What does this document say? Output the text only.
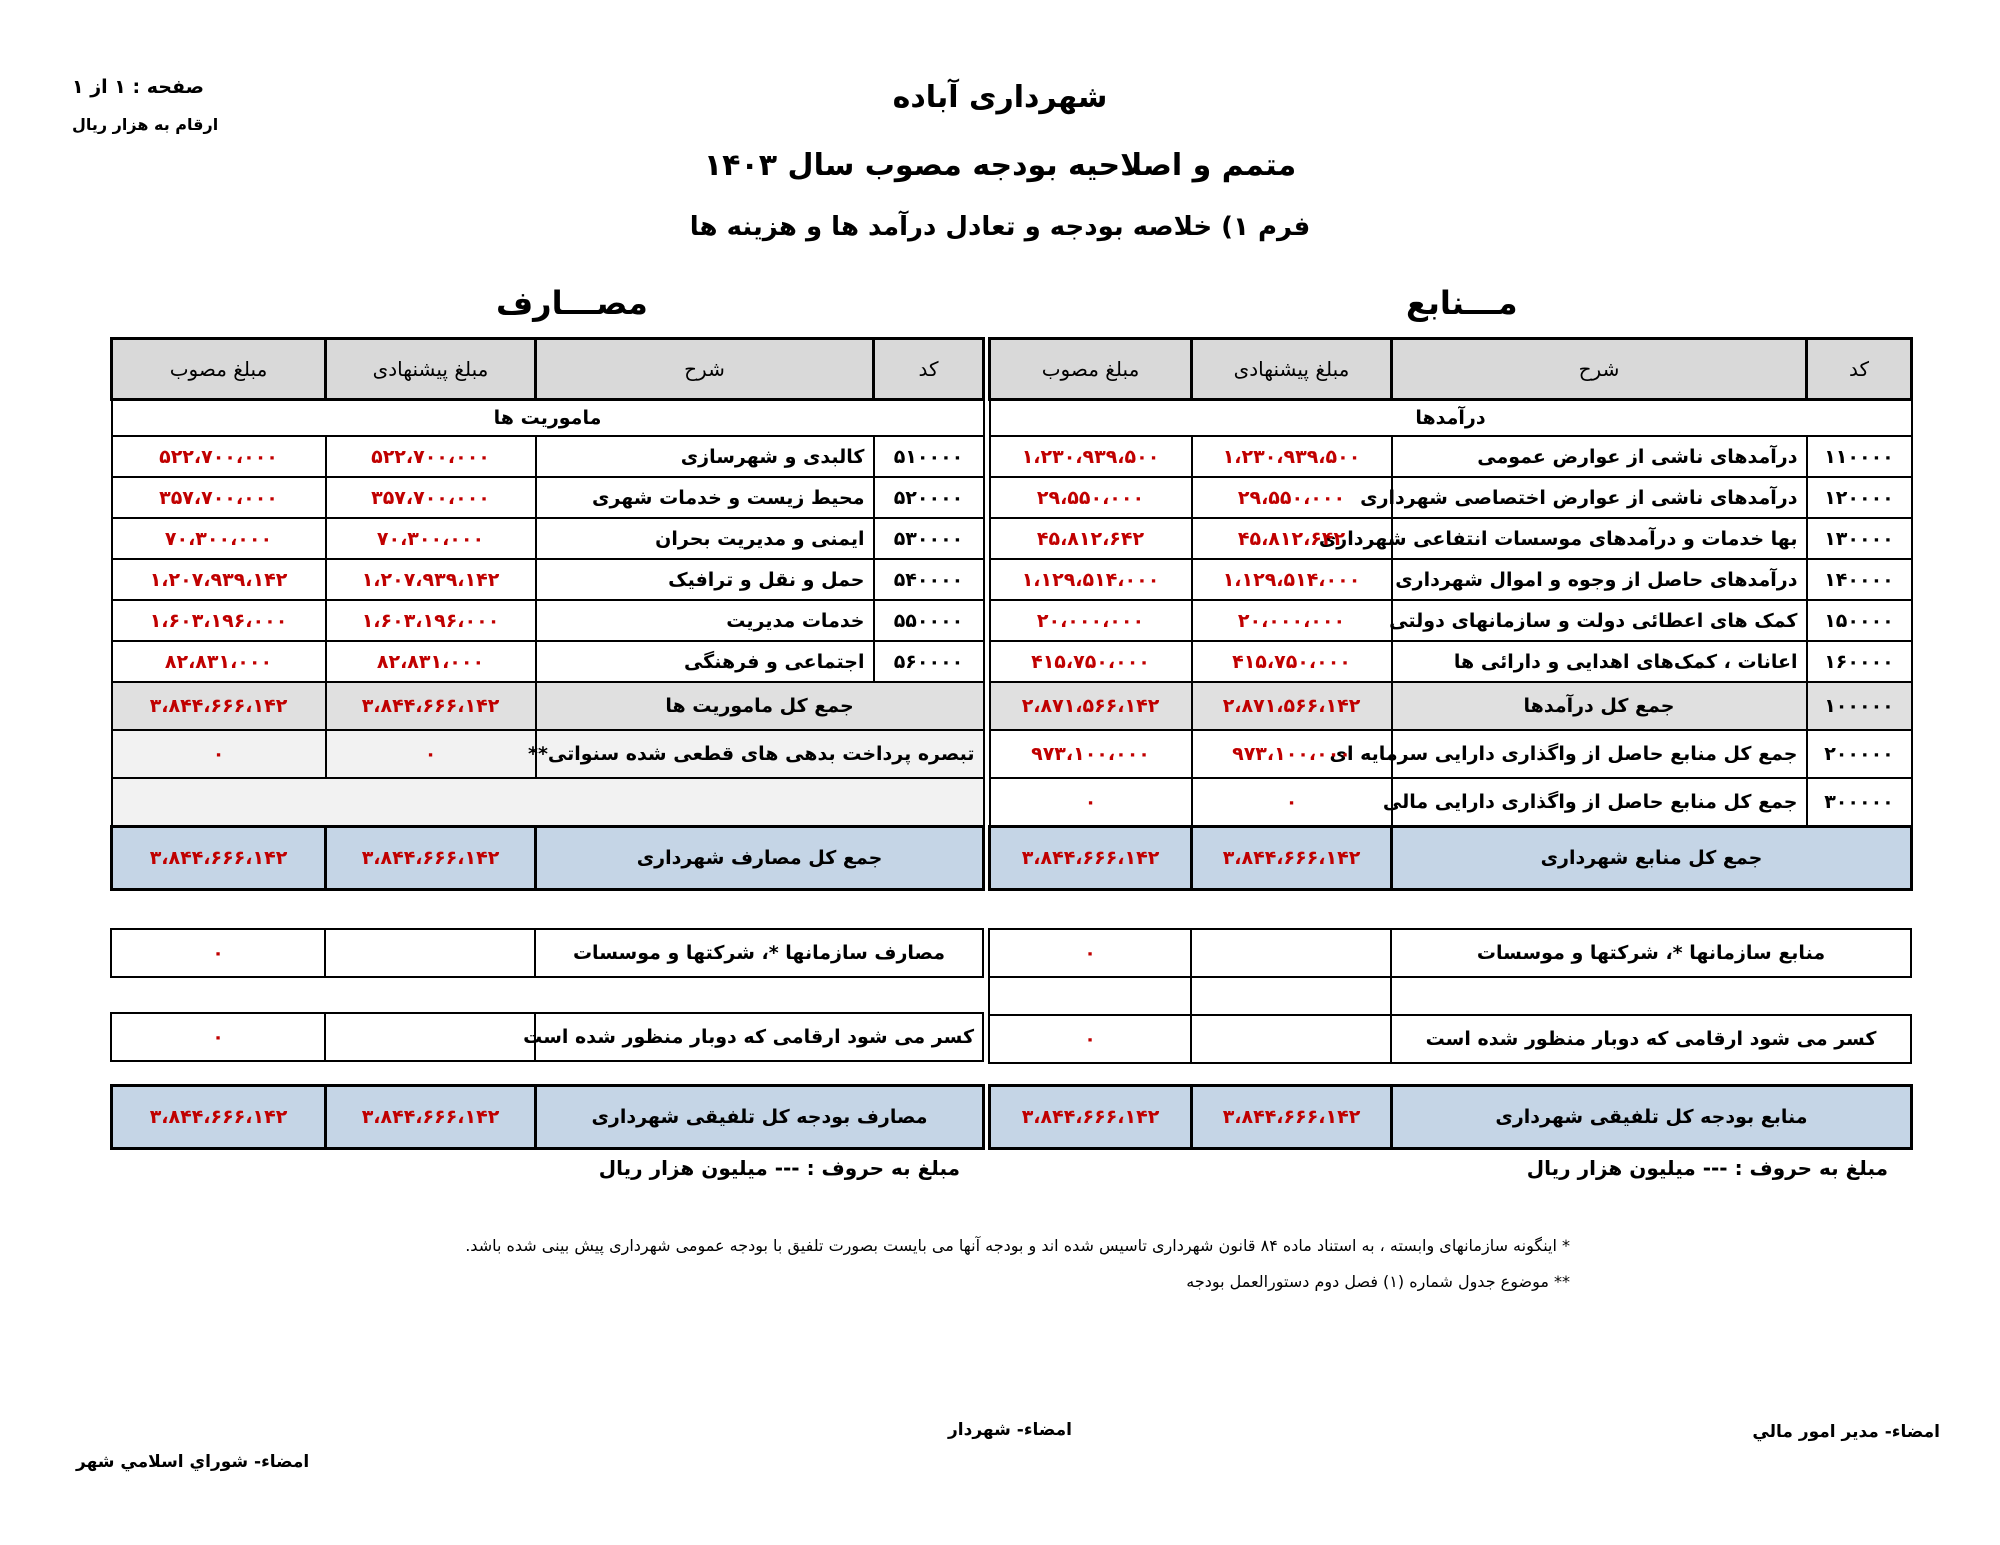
شهرداری آباده
متمم و اصلاحیه بودجه مصوب سال ۱۴۰۳
فرم ۱) خلاصه بودجه و تعادل درآمد ها و هزینه ها
صفحه : ۱ از ۱
ارقام به هزار ریال
مـــنابع
مصـــارف
کد	شرح	مبلغ پیشنهادی	مبلغ مصوب
درآمدها			
۱۱۰۰۰۰	درآمدهای ناشی از عوارض عمومی	۱،۲۳۰،۹۳۹،۵۰۰	۱،۲۳۰،۹۳۹،۵۰۰
۱۲۰۰۰۰	درآمدهای ناشی از عوارض اختصاصی شهرداری	۲۹،۵۵۰،۰۰۰	۲۹،۵۵۰،۰۰۰
۱۳۰۰۰۰	بها خدمات و درآمدهای موسسات انتفاعی شهرداری	۴۵،۸۱۲،۶۴۲	۴۵،۸۱۲،۶۴۲
۱۴۰۰۰۰	درآمدهای حاصل از وجوه و اموال شهرداری	۱،۱۲۹،۵۱۴،۰۰۰	۱،۱۲۹،۵۱۴،۰۰۰
۱۵۰۰۰۰	کمک های اعطائی دولت و سازمانهای دولتی	۲۰،۰۰۰،۰۰۰	۲۰،۰۰۰،۰۰۰
۱۶۰۰۰۰	اعانات ، کمک‌های اهدایی و دارائی ها	۴۱۵،۷۵۰،۰۰۰	۴۱۵،۷۵۰،۰۰۰
۱۰۰۰۰۰	جمع کل درآمدها	۲،۸۷۱،۵۶۶،۱۴۲	۲،۸۷۱،۵۶۶،۱۴۲
۲۰۰۰۰۰	جمع کل منابع حاصل از واگذاری دارایی سرمایه ای	۹۷۳،۱۰۰،۰۰۰	۹۷۳،۱۰۰،۰۰۰
۳۰۰۰۰۰	جمع کل منابع حاصل از واگذاری دارایی مالی	۰	۰
جمع کل منابع شهرداری		۳،۸۴۴،۶۶۶،۱۴۲	۳،۸۴۴،۶۶۶،۱۴۲
کد	شرح	مبلغ پیشنهادی	مبلغ مصوب
ماموریت ها			
۵۱۰۰۰۰	کالبدی و شهرسازی	۵۲۲،۷۰۰،۰۰۰	۵۲۲،۷۰۰،۰۰۰
۵۲۰۰۰۰	محیط زیست و خدمات شهری	۳۵۷،۷۰۰،۰۰۰	۳۵۷،۷۰۰،۰۰۰
۵۳۰۰۰۰	ایمنی و مدیریت بحران	۷۰،۳۰۰،۰۰۰	۷۰،۳۰۰،۰۰۰
۵۴۰۰۰۰	حمل و نقل و ترافیک	۱،۲۰۷،۹۳۹،۱۴۲	۱،۲۰۷،۹۳۹،۱۴۲
۵۵۰۰۰۰	خدمات مدیریت	۱،۶۰۳،۱۹۶،۰۰۰	۱،۶۰۳،۱۹۶،۰۰۰
۵۶۰۰۰۰	اجتماعی و فرهنگی	۸۲،۸۳۱،۰۰۰	۸۲،۸۳۱،۰۰۰
جمع کل ماموریت ها		۳،۸۴۴،۶۶۶،۱۴۲	۳،۸۴۴،۶۶۶،۱۴۲
تبصره پرداخت بدهی های قطعی شده سنواتی**		۰	۰

جمع کل مصارف شهرداری		۳،۸۴۴،۶۶۶،۱۴۲	۳،۸۴۴،۶۶۶،۱۴۲
منابع سازمانها *، شرکتها و موسسات		۰

کسر می شود ارقامی که دوبار منظور شده است		۰
منابع بودجه کل تلفیقی شهرداری	۳،۸۴۴،۶۶۶،۱۴۲	۳،۸۴۴،۶۶۶،۱۴۲
مصارف سازمانها *، شرکتها و موسسات		۰
کسر می شود ارقامی که دوبار منظور شده است		۰
مصارف بودجه کل تلفیقی شهرداری	۳،۸۴۴،۶۶۶،۱۴۲	۳،۸۴۴،۶۶۶،۱۴۲
مبلغ به حروف : --- میلیون هزار ریال
مبلغ به حروف : --- میلیون هزار ریال
* اینگونه سازمانهای وابسته ، به استناد ماده ۸۴ قانون شهرداری تاسیس شده اند و بودجه آنها می بایست بصورت تلفیق با بودجه عمومی شهرداری پیش بینی شده باشد.
** موضوع جدول شماره (۱) فصل دوم دستورالعمل بودجه
امضاء- مدیر امور مالي
امضاء- شهردار
امضاء- شوراي اسلامي شهر
